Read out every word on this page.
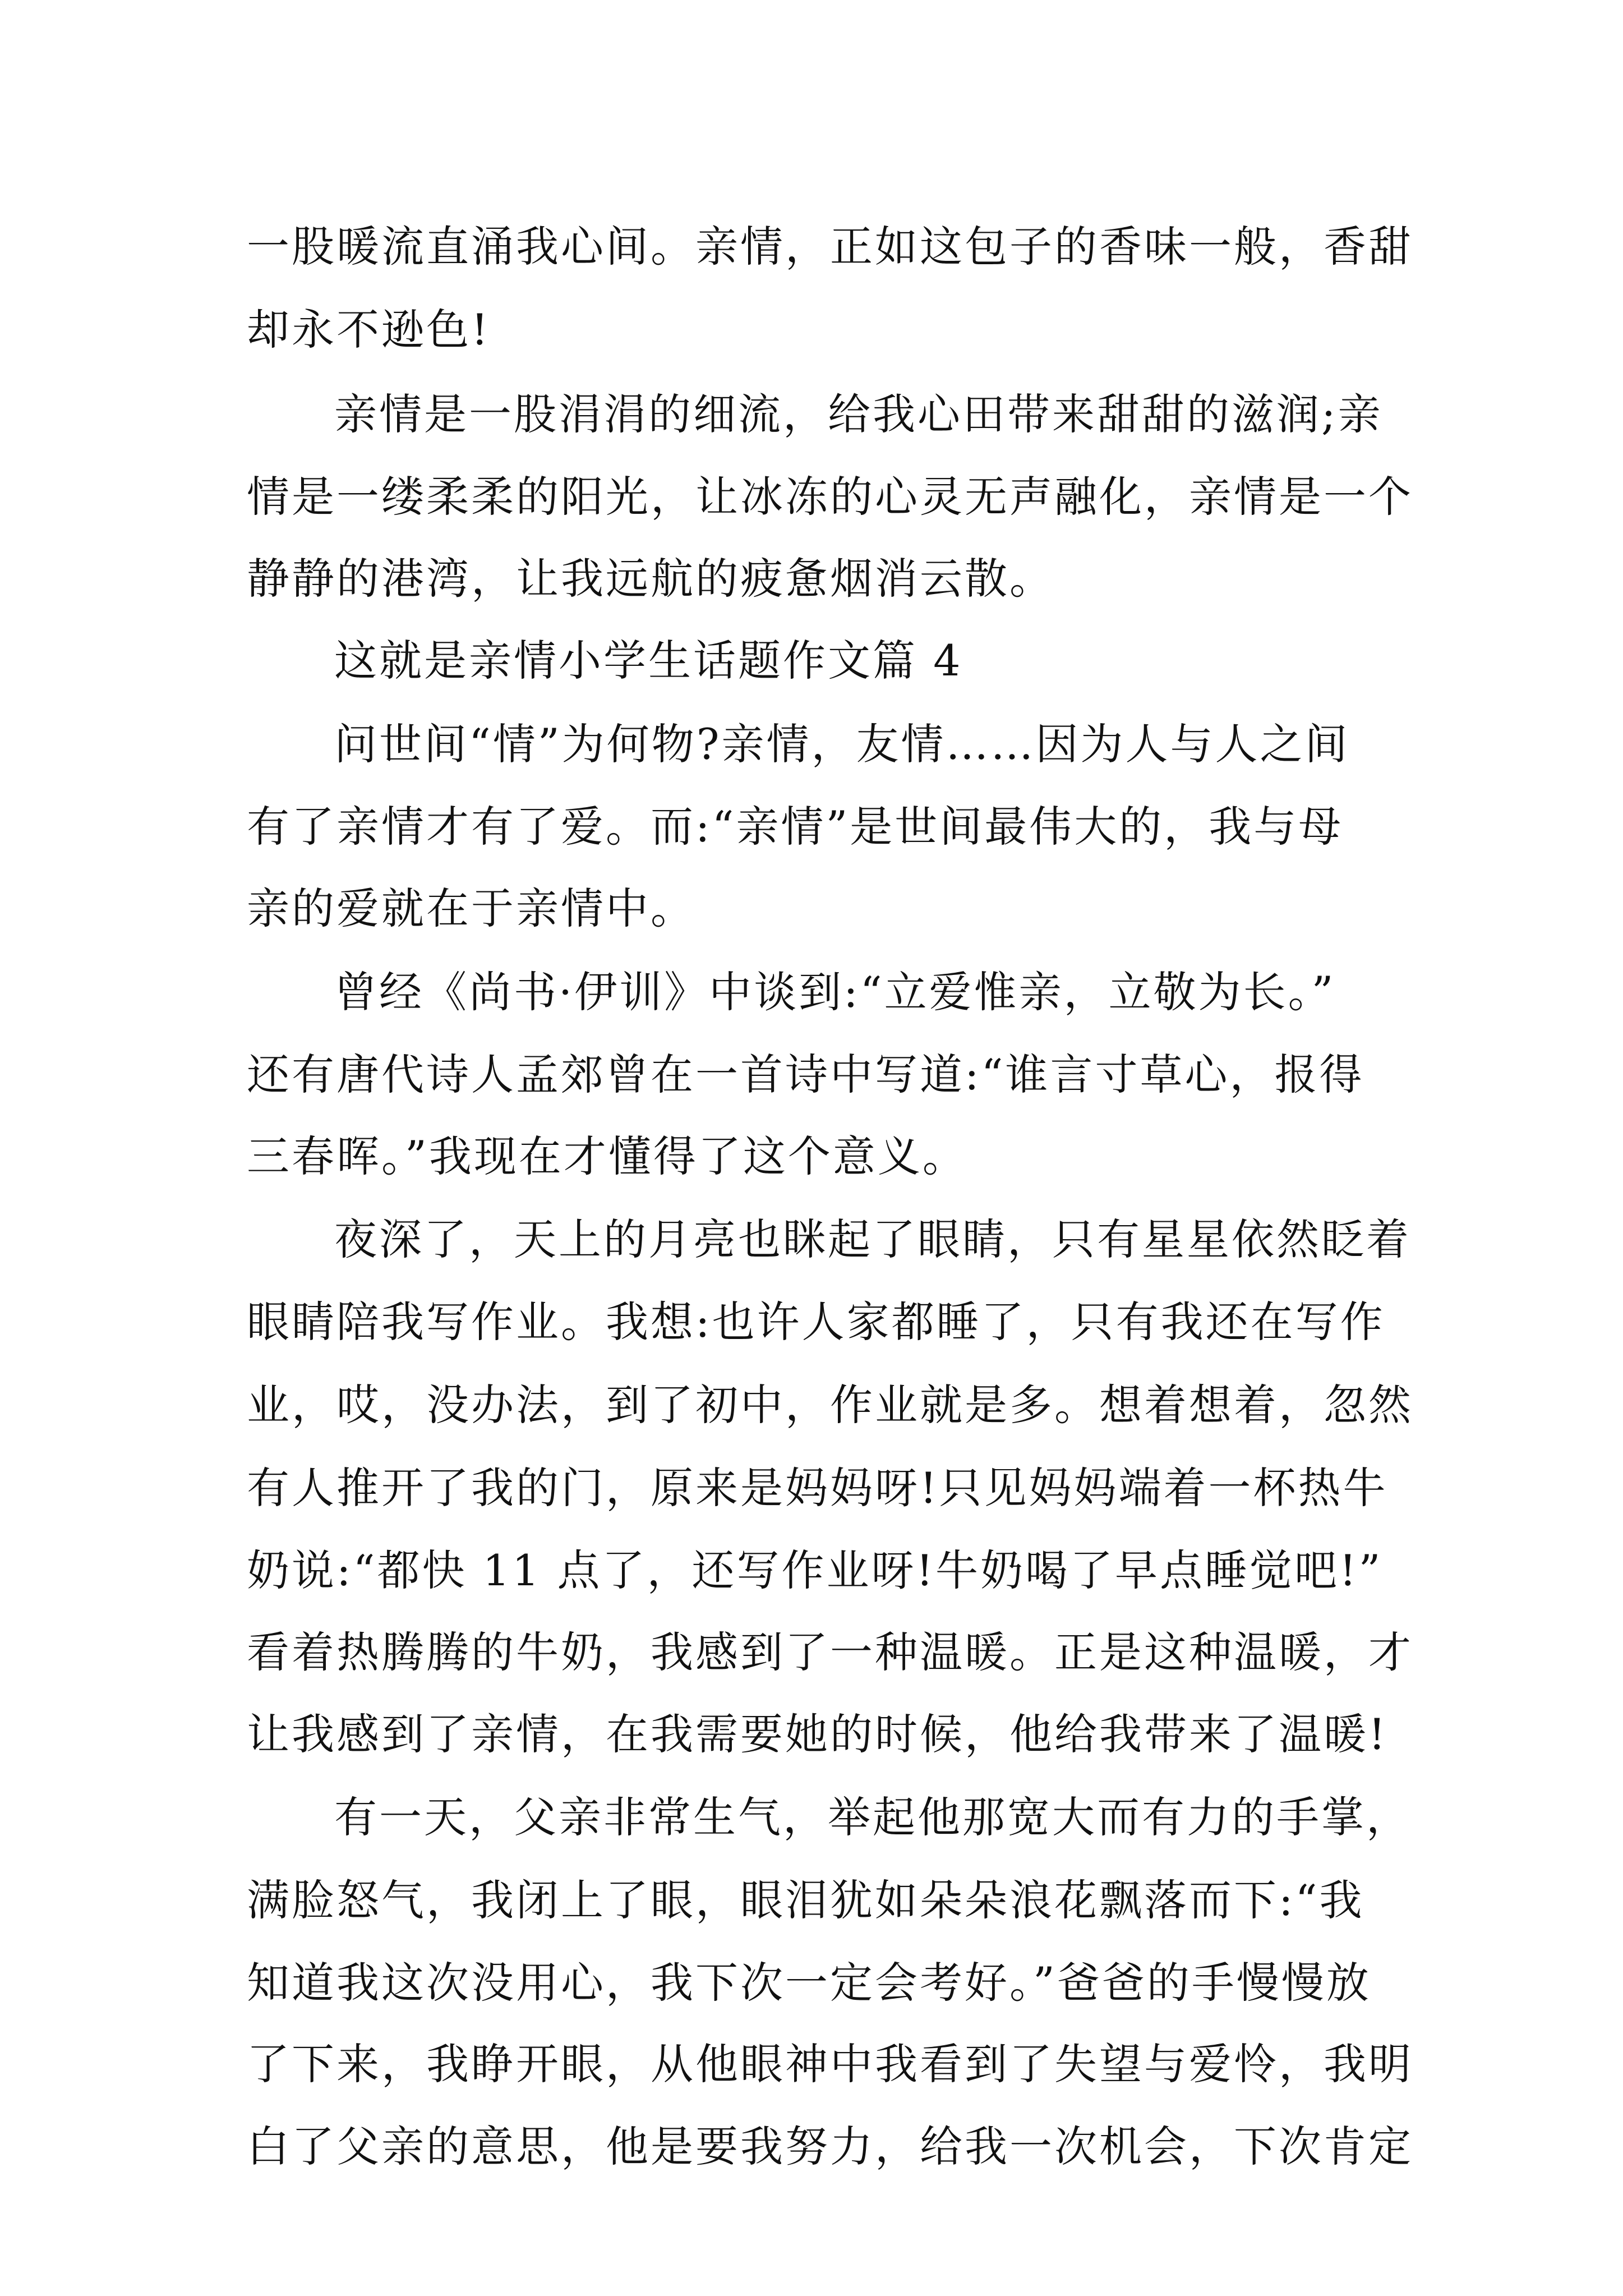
一股暖流直涌我心间。亲情，正如这包子的香味一般，香甜
却永不逊色!
亲情是一股涓涓的细流，给我心田带来甜甜的滋润;亲
情是一缕柔柔的阳光，让冰冻的心灵无声融化，亲情是一个
静静的港湾，让我远航的疲惫烟消云散。
这就是亲情小学生话题作文篇 4
问世间“情”为何物?亲情，友情……因为人与人之间
有了亲情才有了爱。而:“亲情”是世间最伟大的，我与母
亲的爱就在于亲情中。
曾经《尚书·伊训》中谈到:“立爱惟亲，立敬为长。”
还有唐代诗人孟郊曾在一首诗中写道:“谁言寸草心，报得
三春晖。”我现在才懂得了这个意义。
夜深了，天上的月亮也眯起了眼睛，只有星星依然眨着
眼睛陪我写作业。我想:也许人家都睡了，只有我还在写作
业，哎，没办法，到了初中，作业就是多。想着想着，忽然
有人推开了我的门，原来是妈妈呀!只见妈妈端着一杯热牛
奶说:“都快 11 点了，还写作业呀!牛奶喝了早点睡觉吧!”
看着热腾腾的牛奶，我感到了一种温暖。正是这种温暖，才
让我感到了亲情，在我需要她的时候，他给我带来了温暖!
有一天，父亲非常生气，举起他那宽大而有力的手掌，
满脸怒气，我闭上了眼，眼泪犹如朵朵浪花飘落而下:“我
知道我这次没用心，我下次一定会考好。”爸爸的手慢慢放
了下来，我睁开眼，从他眼神中我看到了失望与爱怜，我明
白了父亲的意思，他是要我努力，给我一次机会，下次肯定
